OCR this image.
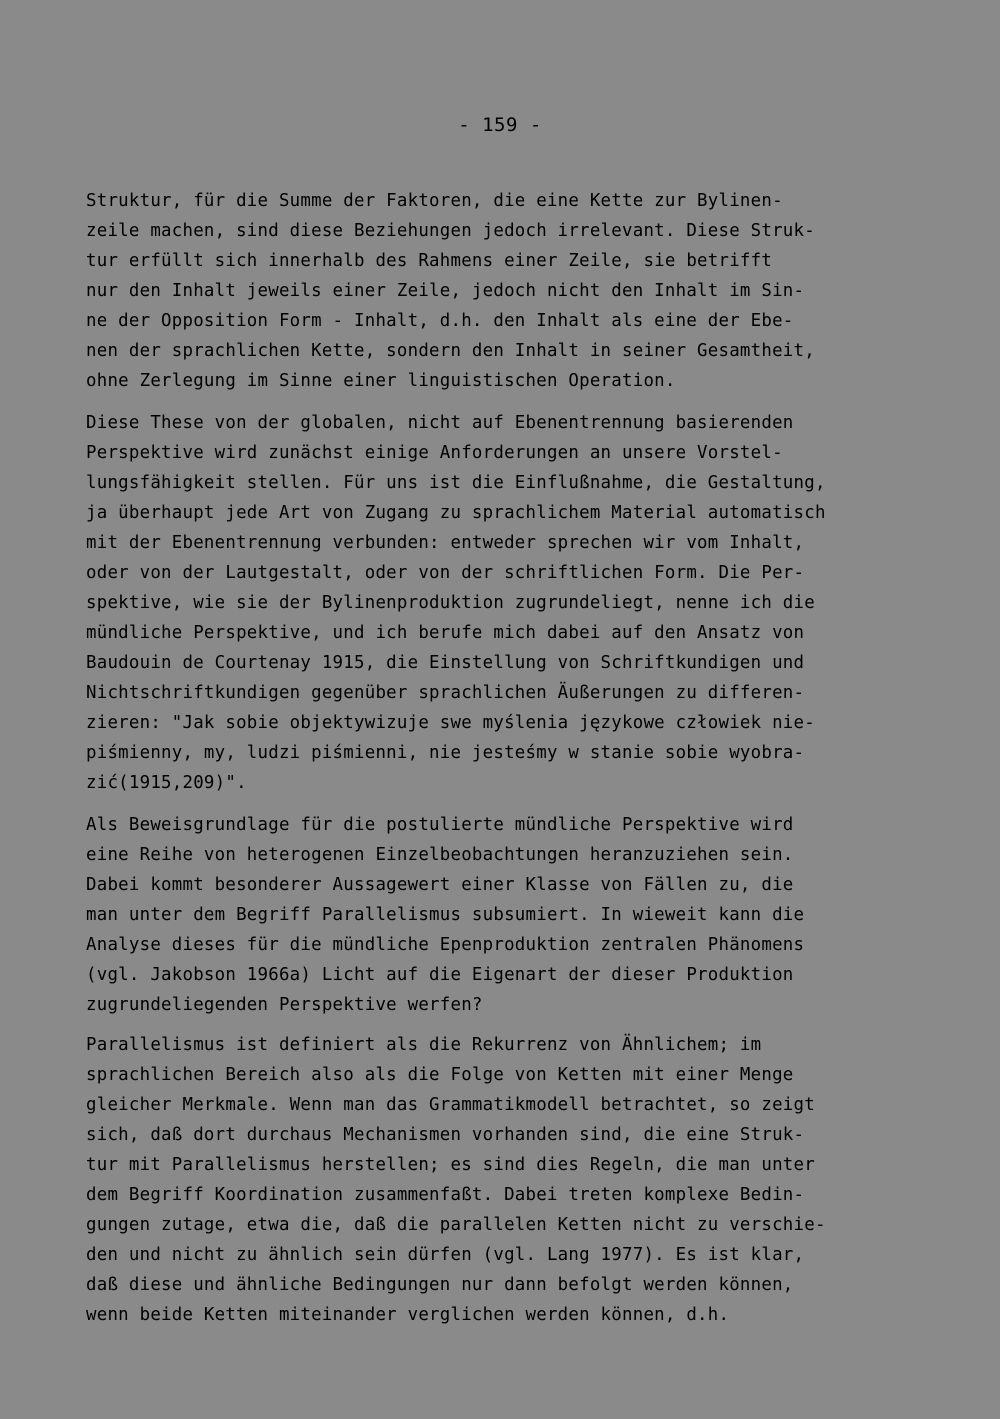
- 159 -
Struktur, für die Summe der Faktoren, die eine Kette zur Bylinen-
zeile machen, sind diese Beziehungen jedoch irrelevant. Diese Struk-
tur erfüllt sich innerhalb des Rahmens einer Zeile, sie betrifft
nur den Inhalt jeweils einer Zeile, jedoch nicht den Inhalt im Sin-
ne der Opposition Form - Inhalt, d.h. den Inhalt als eine der Ebe-
nen der sprachlichen Kette, sondern den Inhalt in seiner Gesamtheit,
ohne Zerlegung im Sinne einer linguistischen Operation.
Diese These von der globalen, nicht auf Ebenentrennung basierenden
Perspektive wird zunächst einige Anforderungen an unsere Vorstel-
lungsfähigkeit stellen. Für uns ist die Einflußnahme, die Gestaltung,
ja überhaupt jede Art von Zugang zu sprachlichem Material automatisch
mit der Ebenentrennung verbunden: entweder sprechen wir vom Inhalt,
oder von der Lautgestalt, oder von der schriftlichen Form. Die Per-
spektive, wie sie der Bylinenproduktion zugrundeliegt, nenne ich die
mündliche Perspektive, und ich berufe mich dabei auf den Ansatz von
Baudouin de Courtenay 1915, die Einstellung von Schriftkundigen und
Nichtschriftkundigen gegenüber sprachlichen Äußerungen zu differen-
zieren: "Jak sobie objektywizuje swe myślenia językowe człowiek nie-
piśmienny, my, ludzi piśmienni, nie jesteśmy w stanie sobie wyobra-
zić(1915,209)".
Als Beweisgrundlage für die postulierte mündliche Perspektive wird
eine Reihe von heterogenen Einzelbeobachtungen heranzuziehen sein.
Dabei kommt besonderer Aussagewert einer Klasse von Fällen zu, die
man unter dem Begriff Parallelismus subsumiert. In wieweit kann die
Analyse dieses für die mündliche Epenproduktion zentralen Phänomens
(vgl. Jakobson 1966a) Licht auf die Eigenart der dieser Produktion
zugrundeliegenden Perspektive werfen?
Parallelismus ist definiert als die Rekurrenz von Ähnlichem; im
sprachlichen Bereich also als die Folge von Ketten mit einer Menge
gleicher Merkmale. Wenn man das Grammatikmodell betrachtet, so zeigt
sich, daß dort durchaus Mechanismen vorhanden sind, die eine Struk-
tur mit Parallelismus herstellen; es sind dies Regeln, die man unter
dem Begriff Koordination zusammenfaßt. Dabei treten komplexe Bedin-
gungen zutage, etwa die, daß die parallelen Ketten nicht zu verschie-
den und nicht zu ähnlich sein dürfen (vgl. Lang 1977). Es ist klar,
daß diese und ähnliche Bedingungen nur dann befolgt werden können,
wenn beide Ketten miteinander verglichen werden können, d.h.
